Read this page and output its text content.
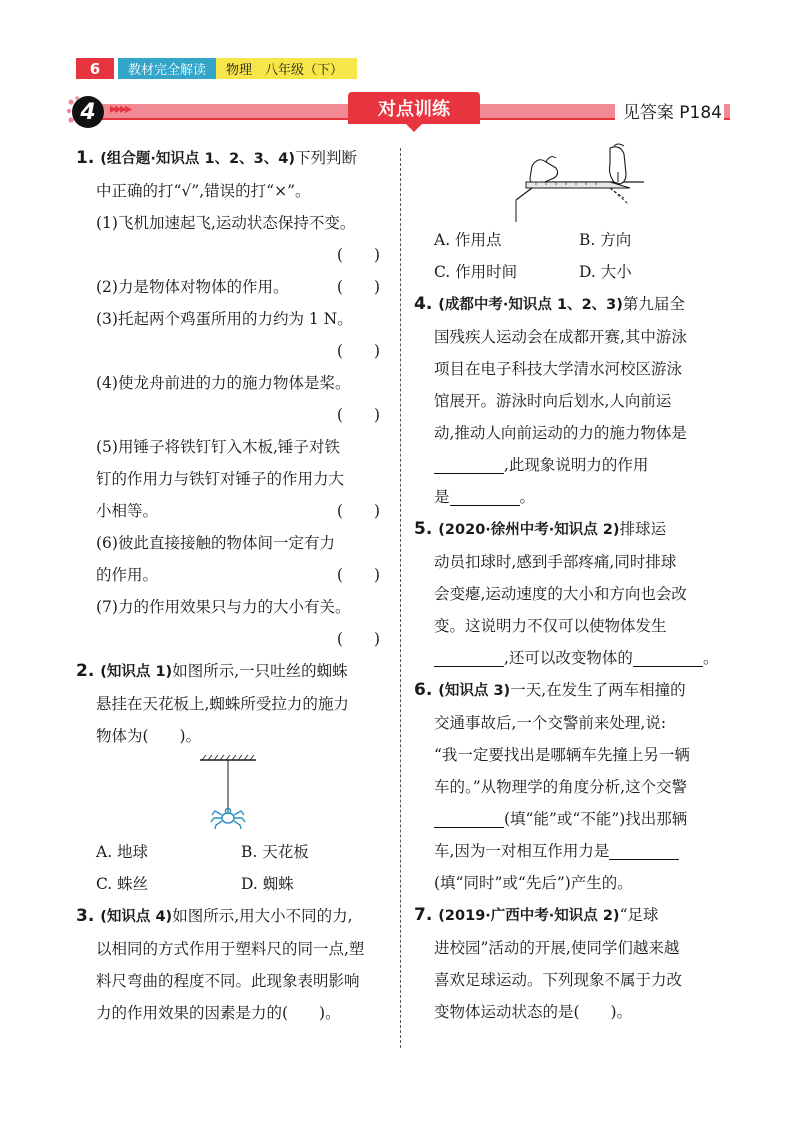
6	教材完全解读	物理　八年级（下）
4	▸▸▸▸	对点训练	见答案 P184

1. (组合题·知识点 1、2、3、4)下列判断

中正确的打“√”,错误的打“×”。

(1)飞机加速起飞,运动状态保持不变。

(　　)

(2)力是物体对物体的作用。	(　　)

(3)托起两个鸡蛋所用的力约为 1 N。

(　　)

(4)使龙舟前进的力的施力物体是桨。

(　　)

(5)用锤子将铁钉钉入木板,锤子对铁

钉的作用力与铁钉对锤子的作用力大

小相等。	(　　)

(6)彼此直接接触的物体间一定有力

的作用。	(　　)

(7)力的作用效果只与力的大小有关。

(　　)

2. (知识点 1)如图所示,一只吐丝的蜘蛛

悬挂在天花板上,蜘蛛所受拉力的施力

物体为(　　)。

A. 地球	B. 天花板
C. 蛛丝	D. 蜘蛛

3. (知识点 4)如图所示,用大小不同的力,

以相同的方式作用于塑料尺的同一点,塑

料尺弯曲的程度不同。此现象表明影响

力的作用效果的因素是力的(　　)。

A. 作用点	B. 方向
C. 作用时间	D. 大小

4. (成都中考·知识点 1、2、3)第九届全

国残疾人运动会在成都开赛,其中游泳

项目在电子科技大学清水河校区游泳

馆展开。游泳时向后划水,人向前运

动,推动人向前运动的力的施力物体是

,此现象说明力的作用

是	。

5. (2020·徐州中考·知识点 2)排球运

动员扣球时,感到手部疼痛,同时排球

会变瘪,运动速度的大小和方向也会改

变。这说明力不仅可以使物体发生

,还可以改变物体的	。

6. (知识点 3)一天,在发生了两车相撞的

交通事故后,一个交警前来处理,说:

“我一定要找出是哪辆车先撞上另一辆

车的。”从物理学的角度分析,这个交警

(填“能”或“不能”)找出那辆

车,因为一对相互作用力是

(填“同时”或“先后”)产生的。

7. (2019·广西中考·知识点 2)“足球

进校园”活动的开展,使同学们越来越

喜欢足球运动。下列现象不属于力改

变物体运动状态的是(　　)。
